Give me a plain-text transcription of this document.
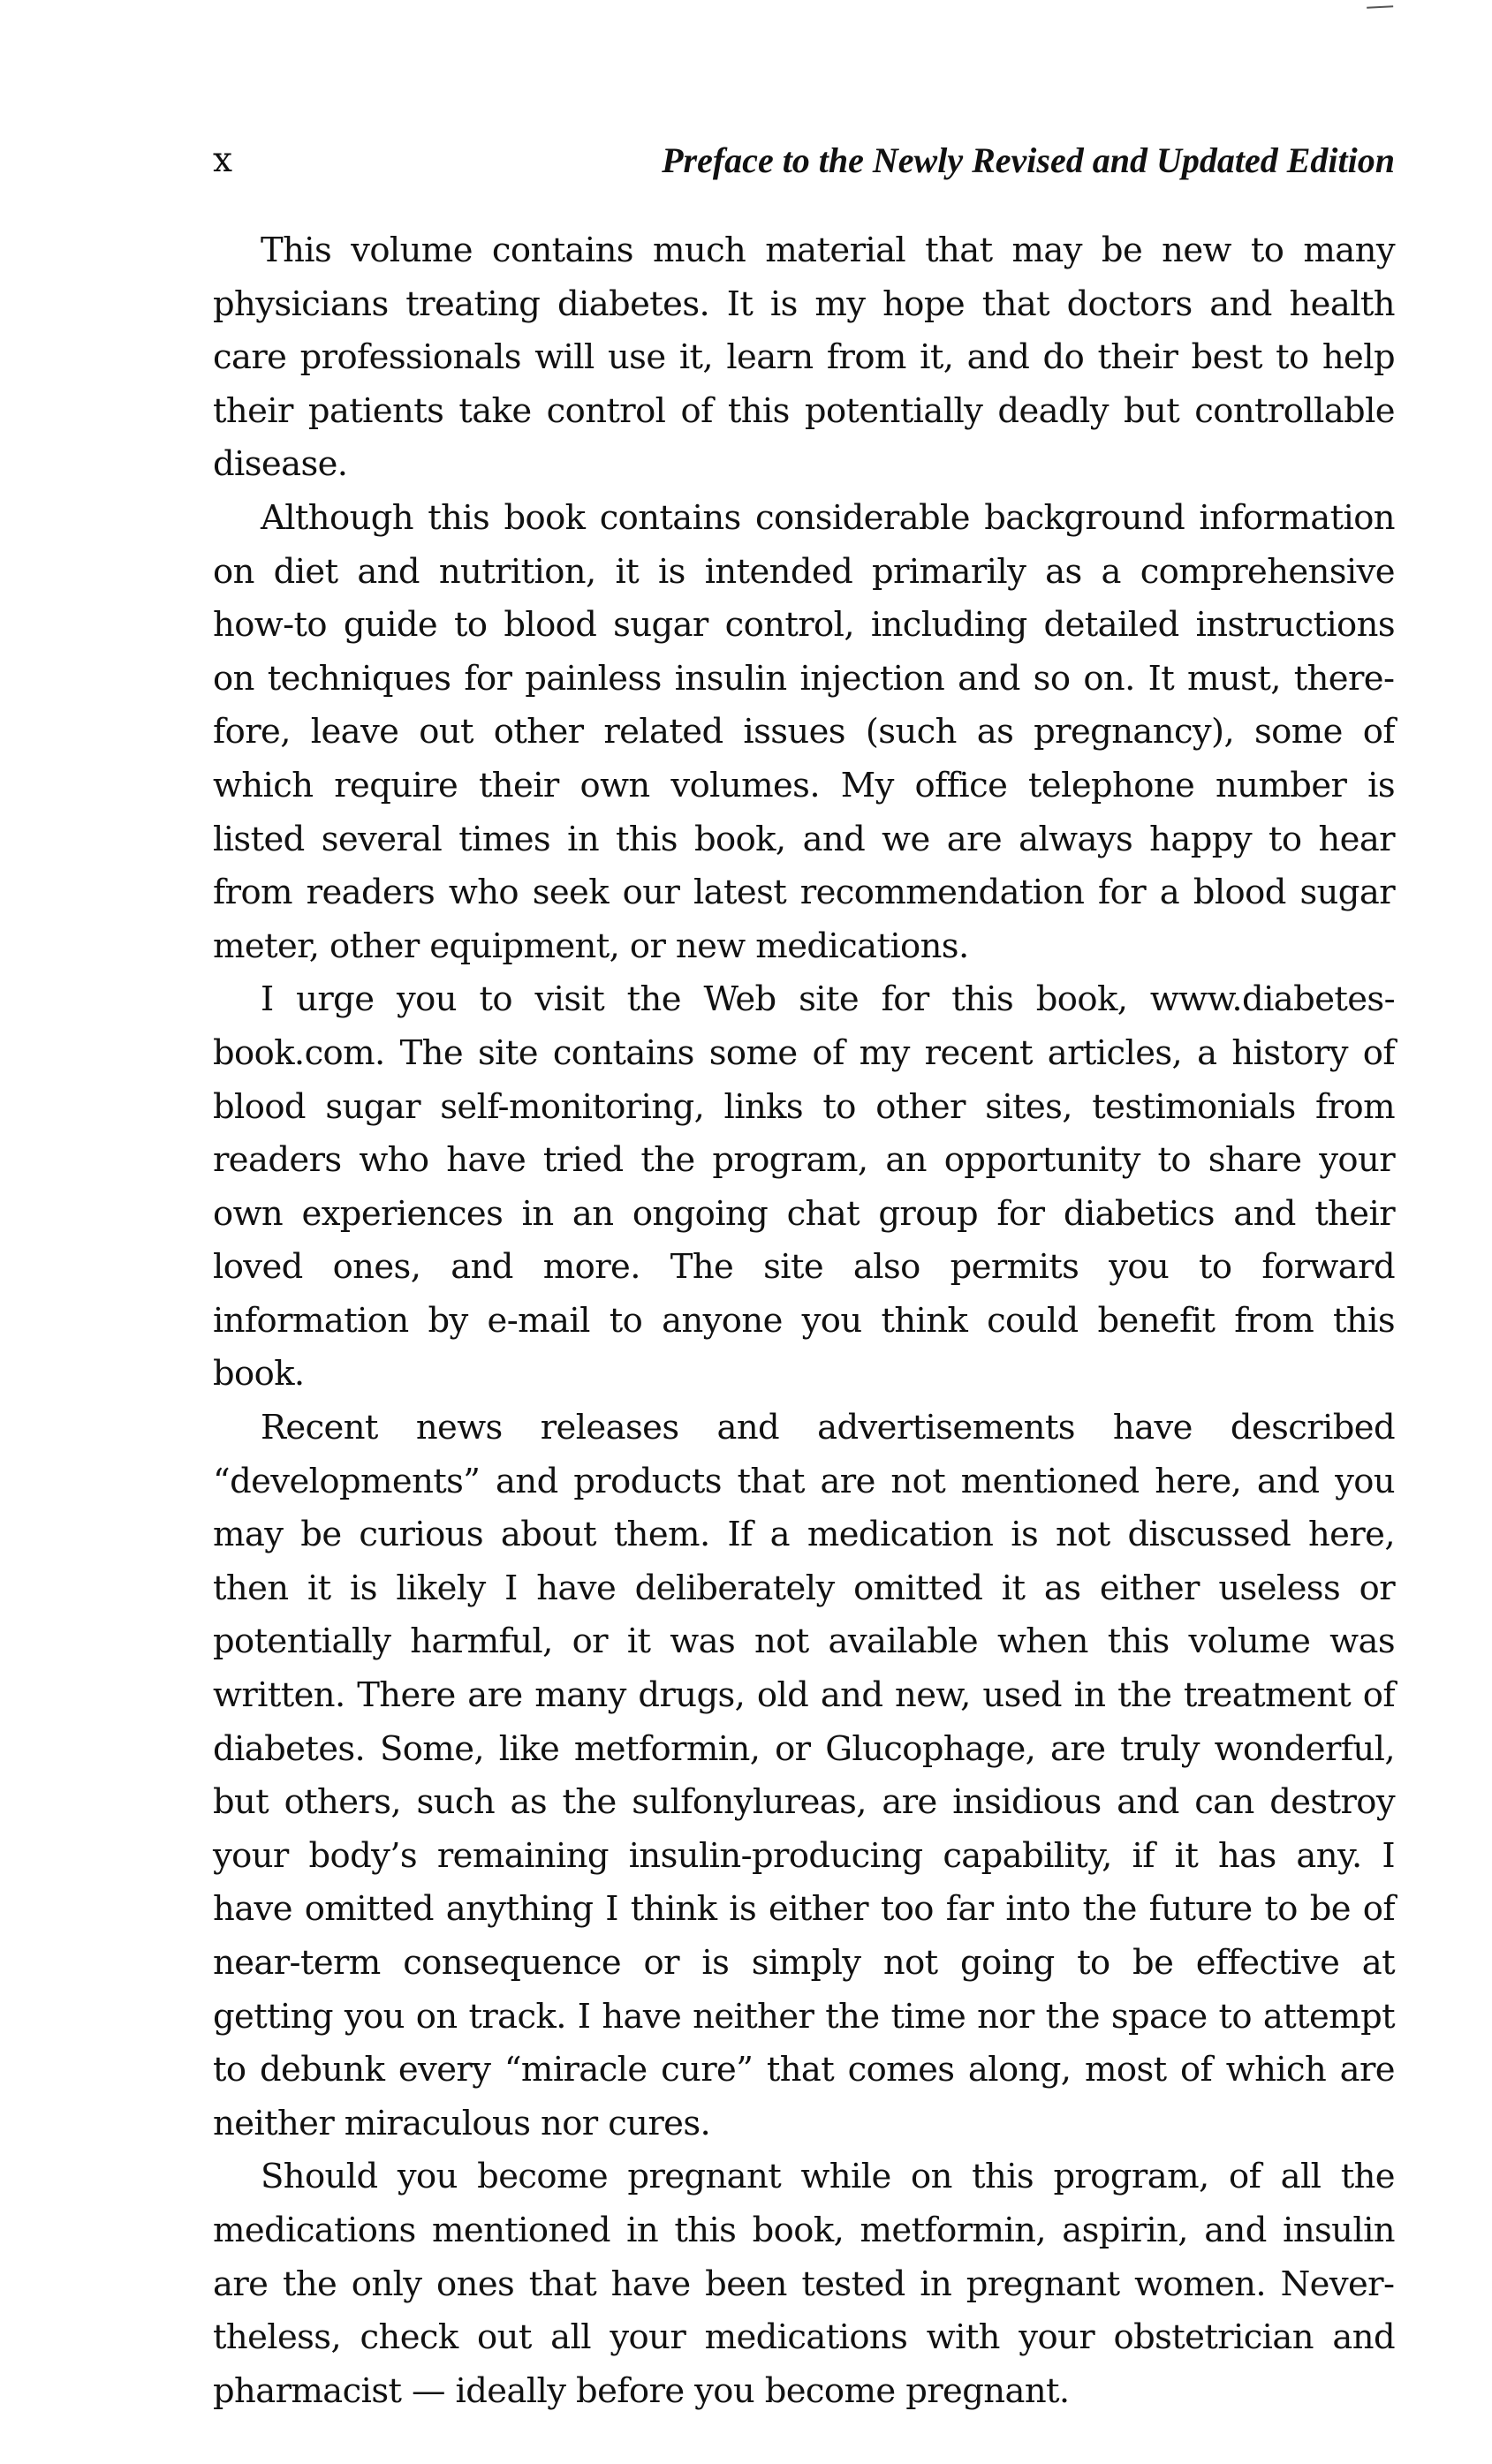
x	Preface to the Newly Revised and Updated Edition

This volume contains much material that may be new to many physicians treating diabetes. It is my hope that doctors and health care professionals will use it, learn from it, and do their best to help their patients take control of this potentially deadly but controllable disease.

Although this book contains considerable background information on diet and nutrition, it is intended primarily as a comprehensive how-to guide to blood sugar control, including detailed instructions on techniques for painless insulin injection and so on. It must, therefore, leave out other related issues (such as pregnancy), some of which require their own volumes. My office telephone number is listed several times in this book, and we are always happy to hear from readers who seek our latest recommendation for a blood sugar meter, other equipment, or new medications.

I urge you to visit the Web site for this book, www.diabetes-book.com. The site contains some of my recent articles, a history of blood sugar self-monitoring, links to other sites, testimonials from readers who have tried the program, an opportunity to share your own experiences in an ongoing chat group for diabetics and their loved ones, and more. The site also permits you to forward information by e-mail to anyone you think could benefit from this book.

Recent news releases and advertisements have described “developments” and products that are not mentioned here, and you may be curious about them. If a medication is not discussed here, then it is likely I have deliberately omitted it as either useless or potentially harmful, or it was not available when this volume was written. There are many drugs, old and new, used in the treatment of diabetes. Some, like metformin, or Glucophage, are truly wonderful, but others, such as the sulfonylureas, are insidious and can destroy your body’s remaining insulin-producing capability, if it has any. I have omitted anything I think is either too far into the future to be of near-term consequence or is simply not going to be effective at getting you on track. I have neither the time nor the space to attempt to debunk every “miracle cure” that comes along, most of which are neither miraculous nor cures.

Should you become pregnant while on this program, of all the medications mentioned in this book, metformin, aspirin, and insulin are the only ones that have been tested in pregnant women. Nevertheless, check out all your medications with your obstetrician and pharmacist — ideally before you become pregnant.
